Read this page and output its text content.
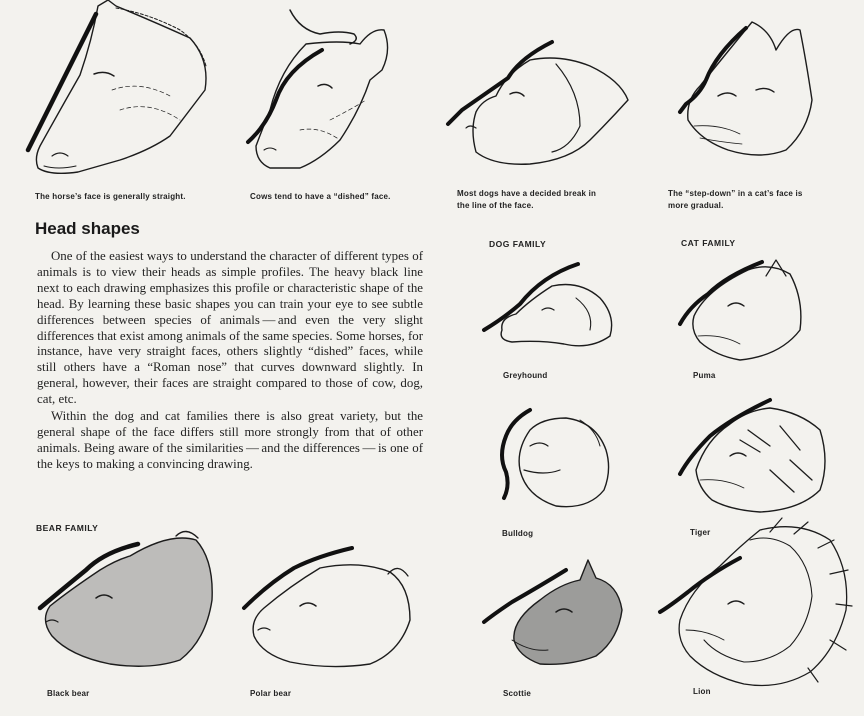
The horse’s face is generally straight.	Cows tend to have a “dished” face.	Most dogs have a decided break in
the line of the face.
The “step-down” in a cat’s face is
more gradual.
Head shapes

One of the easiest ways to understand the character of different types of animals is to view their heads as simple profiles. The heavy black line next to each drawing emphasizes this profile or characteristic shape of the head. By learning these basic shapes you can train your eye to see subtle differences between species of animals — and even the very slight differences that exist among animals of the same species. Some horses, for instance, have very straight faces, others slightly “dished” faces, while still others have a “Roman nose” that curves downward slightly. In general, however, their faces are straight compared to those of cow, dog, cat, etc.

Within the dog and cat families there is also great variety, but the general shape of the face differs still more strongly from that of other animals. Being aware of the similarities — and the differences — is one of the keys to making a convincing drawing.

DOG FAMILY	CAT FAMILY
BEAR FAMILY
Greyhound	Puma
Bulldog	Tiger
Black bear	Polar bear	Scottie	Lion
